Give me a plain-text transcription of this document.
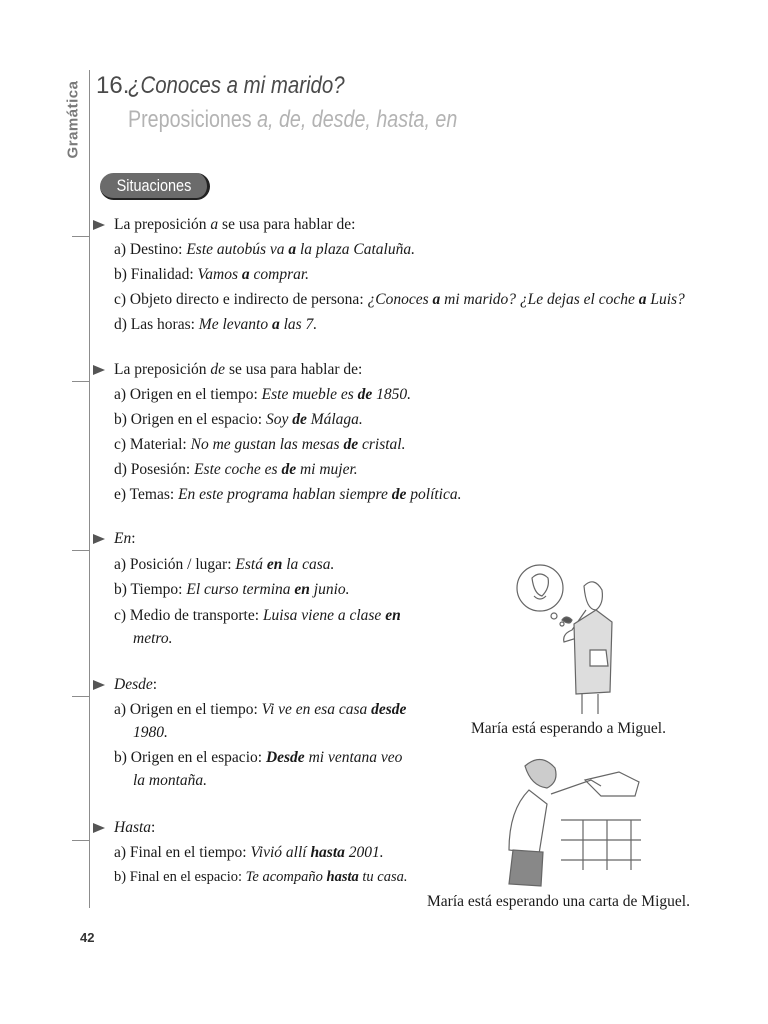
Gramática 16.
¿Conoces a mi marido?
Preposiciones a, de, desde, hasta, en
Situaciones
La preposición a se usa para hablar de:
a) Destino: Este autobús va a la plaza Cataluña.
b) Finalidad: Vamos a comprar.
c) Objeto directo e indirecto de persona: ¿Conoces a mi marido? ¿Le dejas el coche a Luis?
d) Las horas: Me levanto a las 7.
La preposición de se usa para hablar de:
a) Origen en el tiempo: Este mueble es de 1850.
b) Origen en el espacio: Soy de Málaga.
c) Material: No me gustan las mesas de cristal.
d) Posesión: Este coche es de mi mujer.
e) Temas: En este programa hablan siempre de política.
En:
a) Posición / lugar: Está en la casa.
b) Tiempo: El curso termina en junio.
c) Medio de transporte: Luisa viene a clase en
metro.
Desde:
a) Origen en el tiempo: Vi ve en esa casa desde
1980.
b) Origen en el espacio: Desde mi ventana veo
la montaña.
Hasta:
a) Final en el tiempo: Vivió allí hasta 2001.
b) Final en el espacio: Te acompaño hasta tu casa.
María está esperando a Miguel.
María está esperando una carta de Miguel.
42
